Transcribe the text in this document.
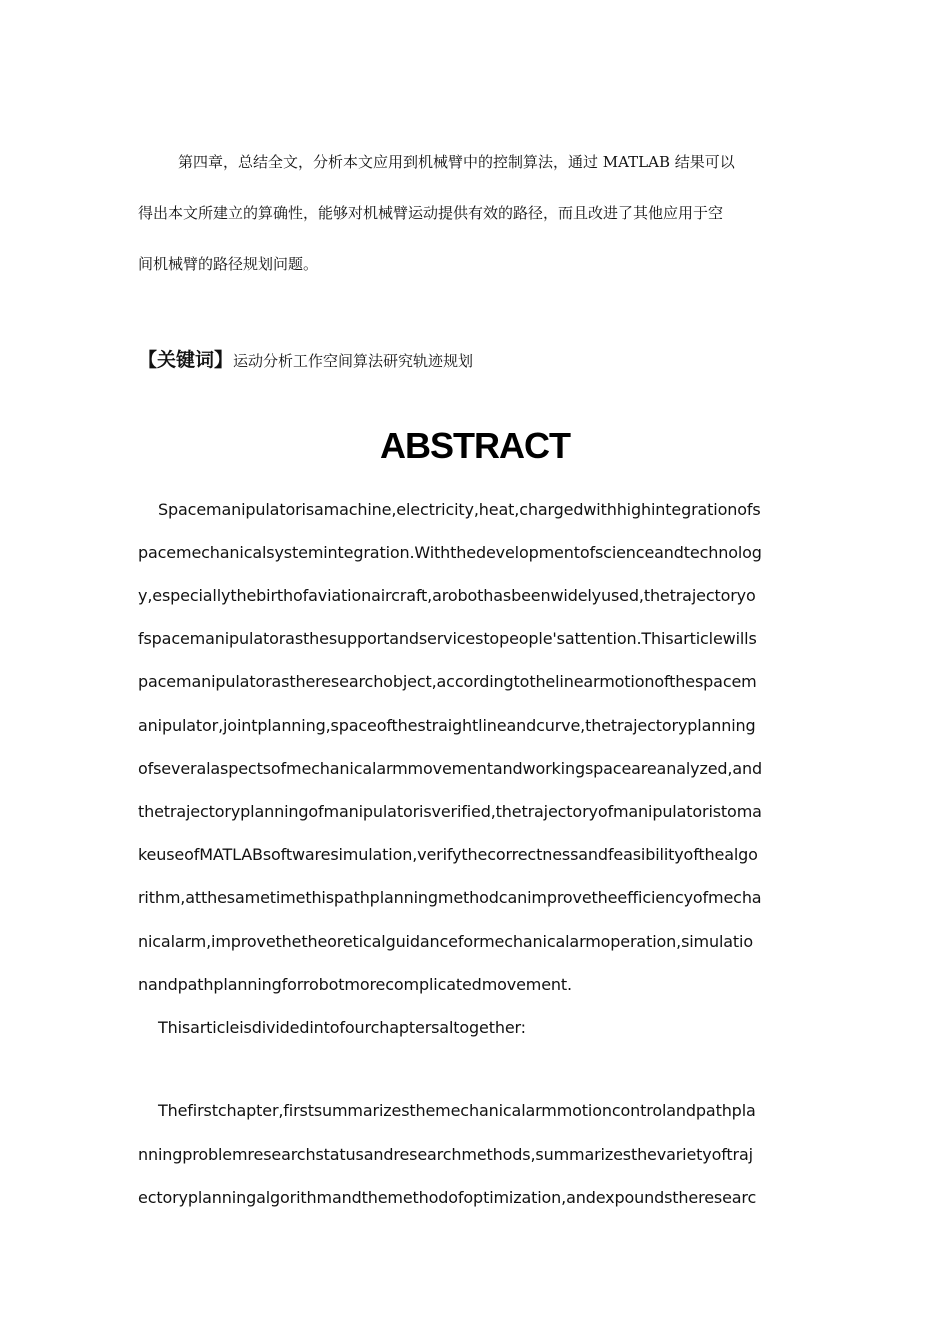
第四章，总结全文，分析本文应用到机械臂中的控制算法，通过 MATLAB 结果可以
得出本文所建立的算确性，能够对机械臂运动提供有效的路径，而且改进了其他应用于空
间机械臂的路径规划问题。
【关键词】运动分析工作空间算法研究轨迹规划
ABSTRACT
Spacemanipulatorisamachine,electricity,heat,chargedwithhighintegrationofs
pacemechanicalsystemintegration.Withthedevelopmentofscienceandtechnolog
y,especiallythebirthofaviationaircraft,arobothasbeenwidelyused,thetrajectoryo
fspacemanipulatorasthesupportandservicestopeople'sattention.Thisarticlewills
pacemanipulatorastheresearchobject,accordingtothelinearmotionofthespacem
anipulator,jointplanning,spaceofthestraightlineandcurve,thetrajectoryplanning
ofseveralaspectsofmechanicalarmmovementandworkingspaceareanalyzed,and
thetrajectoryplanningofmanipulatorisverified,thetrajectoryofmanipulatoristoma
keuseofMATLABsoftwaresimulation,verifythecorrectnessandfeasibilityofthealgo
rithm,atthesametimethispathplanningmethodcanimprovetheefficiencyofmecha
nicalarm,improvethetheoreticalguidanceformechanicalarmoperation,simulatio
nandpathplanningforrobotmorecomplicatedmovement.
Thisarticleisdividedintofourchaptersaltogether:
Thefirstchapter,firstsummarizesthemechanicalarmmotioncontrolandpathpla
nningproblemresearchstatusandresearchmethods,summarizesthevarietyoftraj
ectoryplanningalgorithmandthemethodofoptimization,andexpoundstheresearc
